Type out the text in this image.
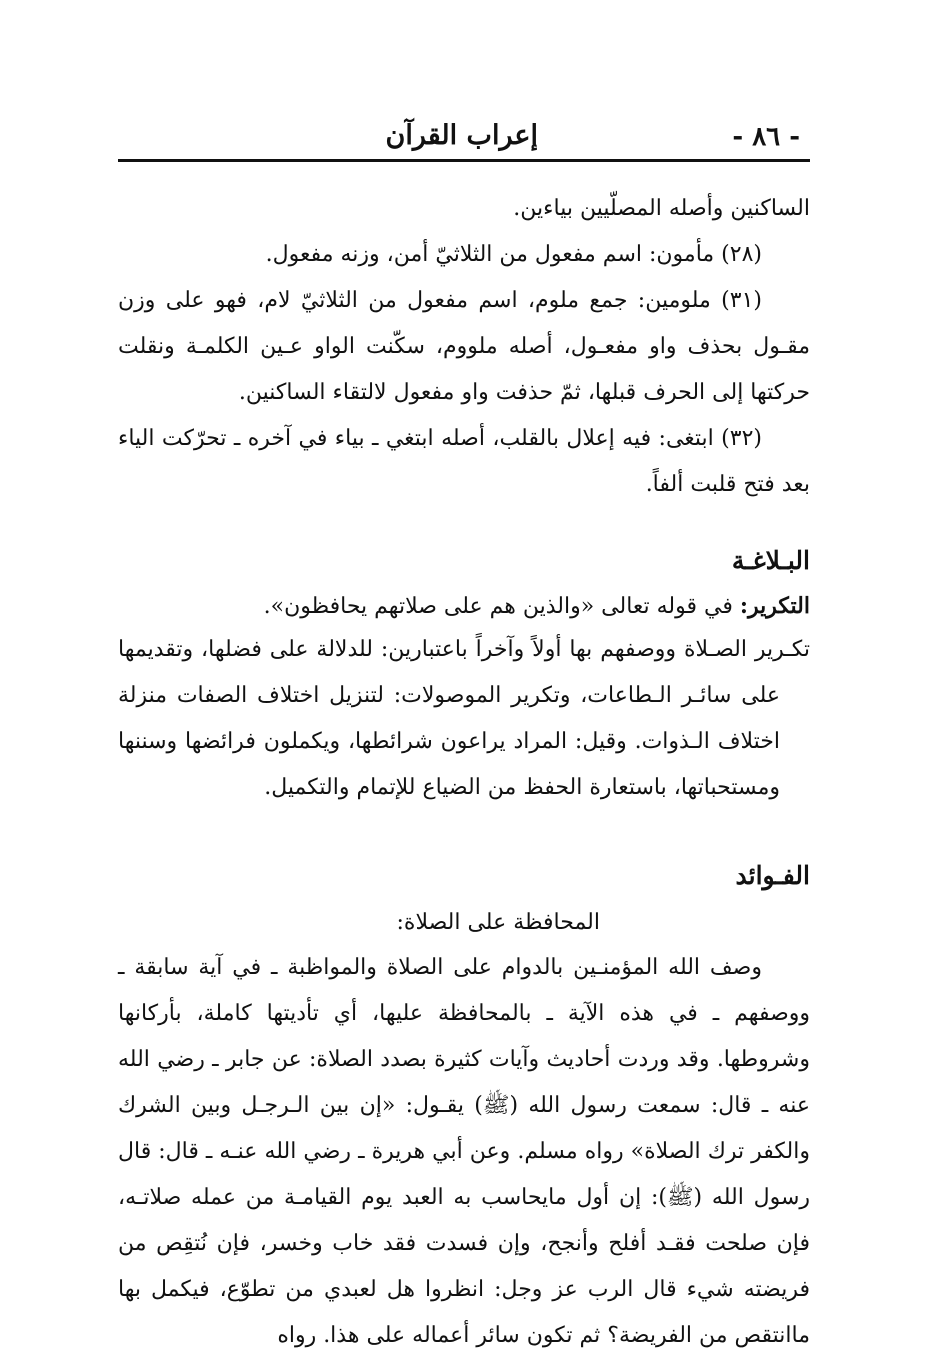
- ٨٦ -
إعراب القرآن

الساكنين وأصله المصلّيين بياءين.

(٢٨) مأمون: اسم مفعول من الثلاثيّ أمن، وزنه مفعول.

(٣١) ملومين: جمع ملوم، اسم مفعول من الثلاثيّ لام، فهو على وزن مقـول بحذف واو مفعـول، أصله ملووم، سكّنت الواو عـين الكلمـة ونقلت حركتها إلى الحرف قبلها، ثمّ حذفت واو مفعول لالتقاء الساكنين.

(٣٢) ابتغى: فيه إعلال بالقلب، أصله ابتغي ـ بياء في آخره ـ تحرّكت الياء بعد فتح قلبت ألفاً.

البـلاغـة

التكرير: في قوله تعالى «والذين هم على صلاتهم يحافظون».

تكـرير الصـلاة ووصفهم بها أولاً وآخراً باعتبارين: للدلالة على فضلها، وتقديمها على سائـر الـطاعات، وتكرير الموصولات: لتنزيل اختلاف الصفات منزلة اختلاف الـذوات. وقيل: المراد يراعون شرائطها، ويكملون فرائضها وسننها ومستحباتها، باستعارة الحفظ من الضياع للإتمام والتكميل.

الفـوائد

المحافظة على الصلاة:

وصف الله المؤمنـين بالدوام على الصلاة والمواظبة ـ في آية سابقة ـ ووصفهم ـ في هذه الآية ـ بالمحافظة عليها، أي تأديتها كاملة، بأركانها وشروطها. وقد وردت أحاديث وآيات كثيرة بصدد الصلاة: عن جابر ـ رضي الله عنه ـ قال: سمعت رسول الله (ﷺ) يقـول: «إن بين الـرجـل وبين الشرك والكفر ترك الصلاة» رواه مسلم. وعن أبي هريرة ـ رضي الله عنـه ـ قال: قال رسول الله (ﷺ): إن أول مايحاسب به العبد يوم القيامـة من عمله صلاتـه، فإن صلحت فقـد أفلح وأنجح، وإن فسدت فقد خاب وخسر، فإن نُتقِص من فريضته شيء قال الرب عز وجل: انظروا هل لعبدي من تطوّع، فيكمل بها ماانتقص من الفريضة؟ ثم تكون سائر أعماله على هذا. رواه
